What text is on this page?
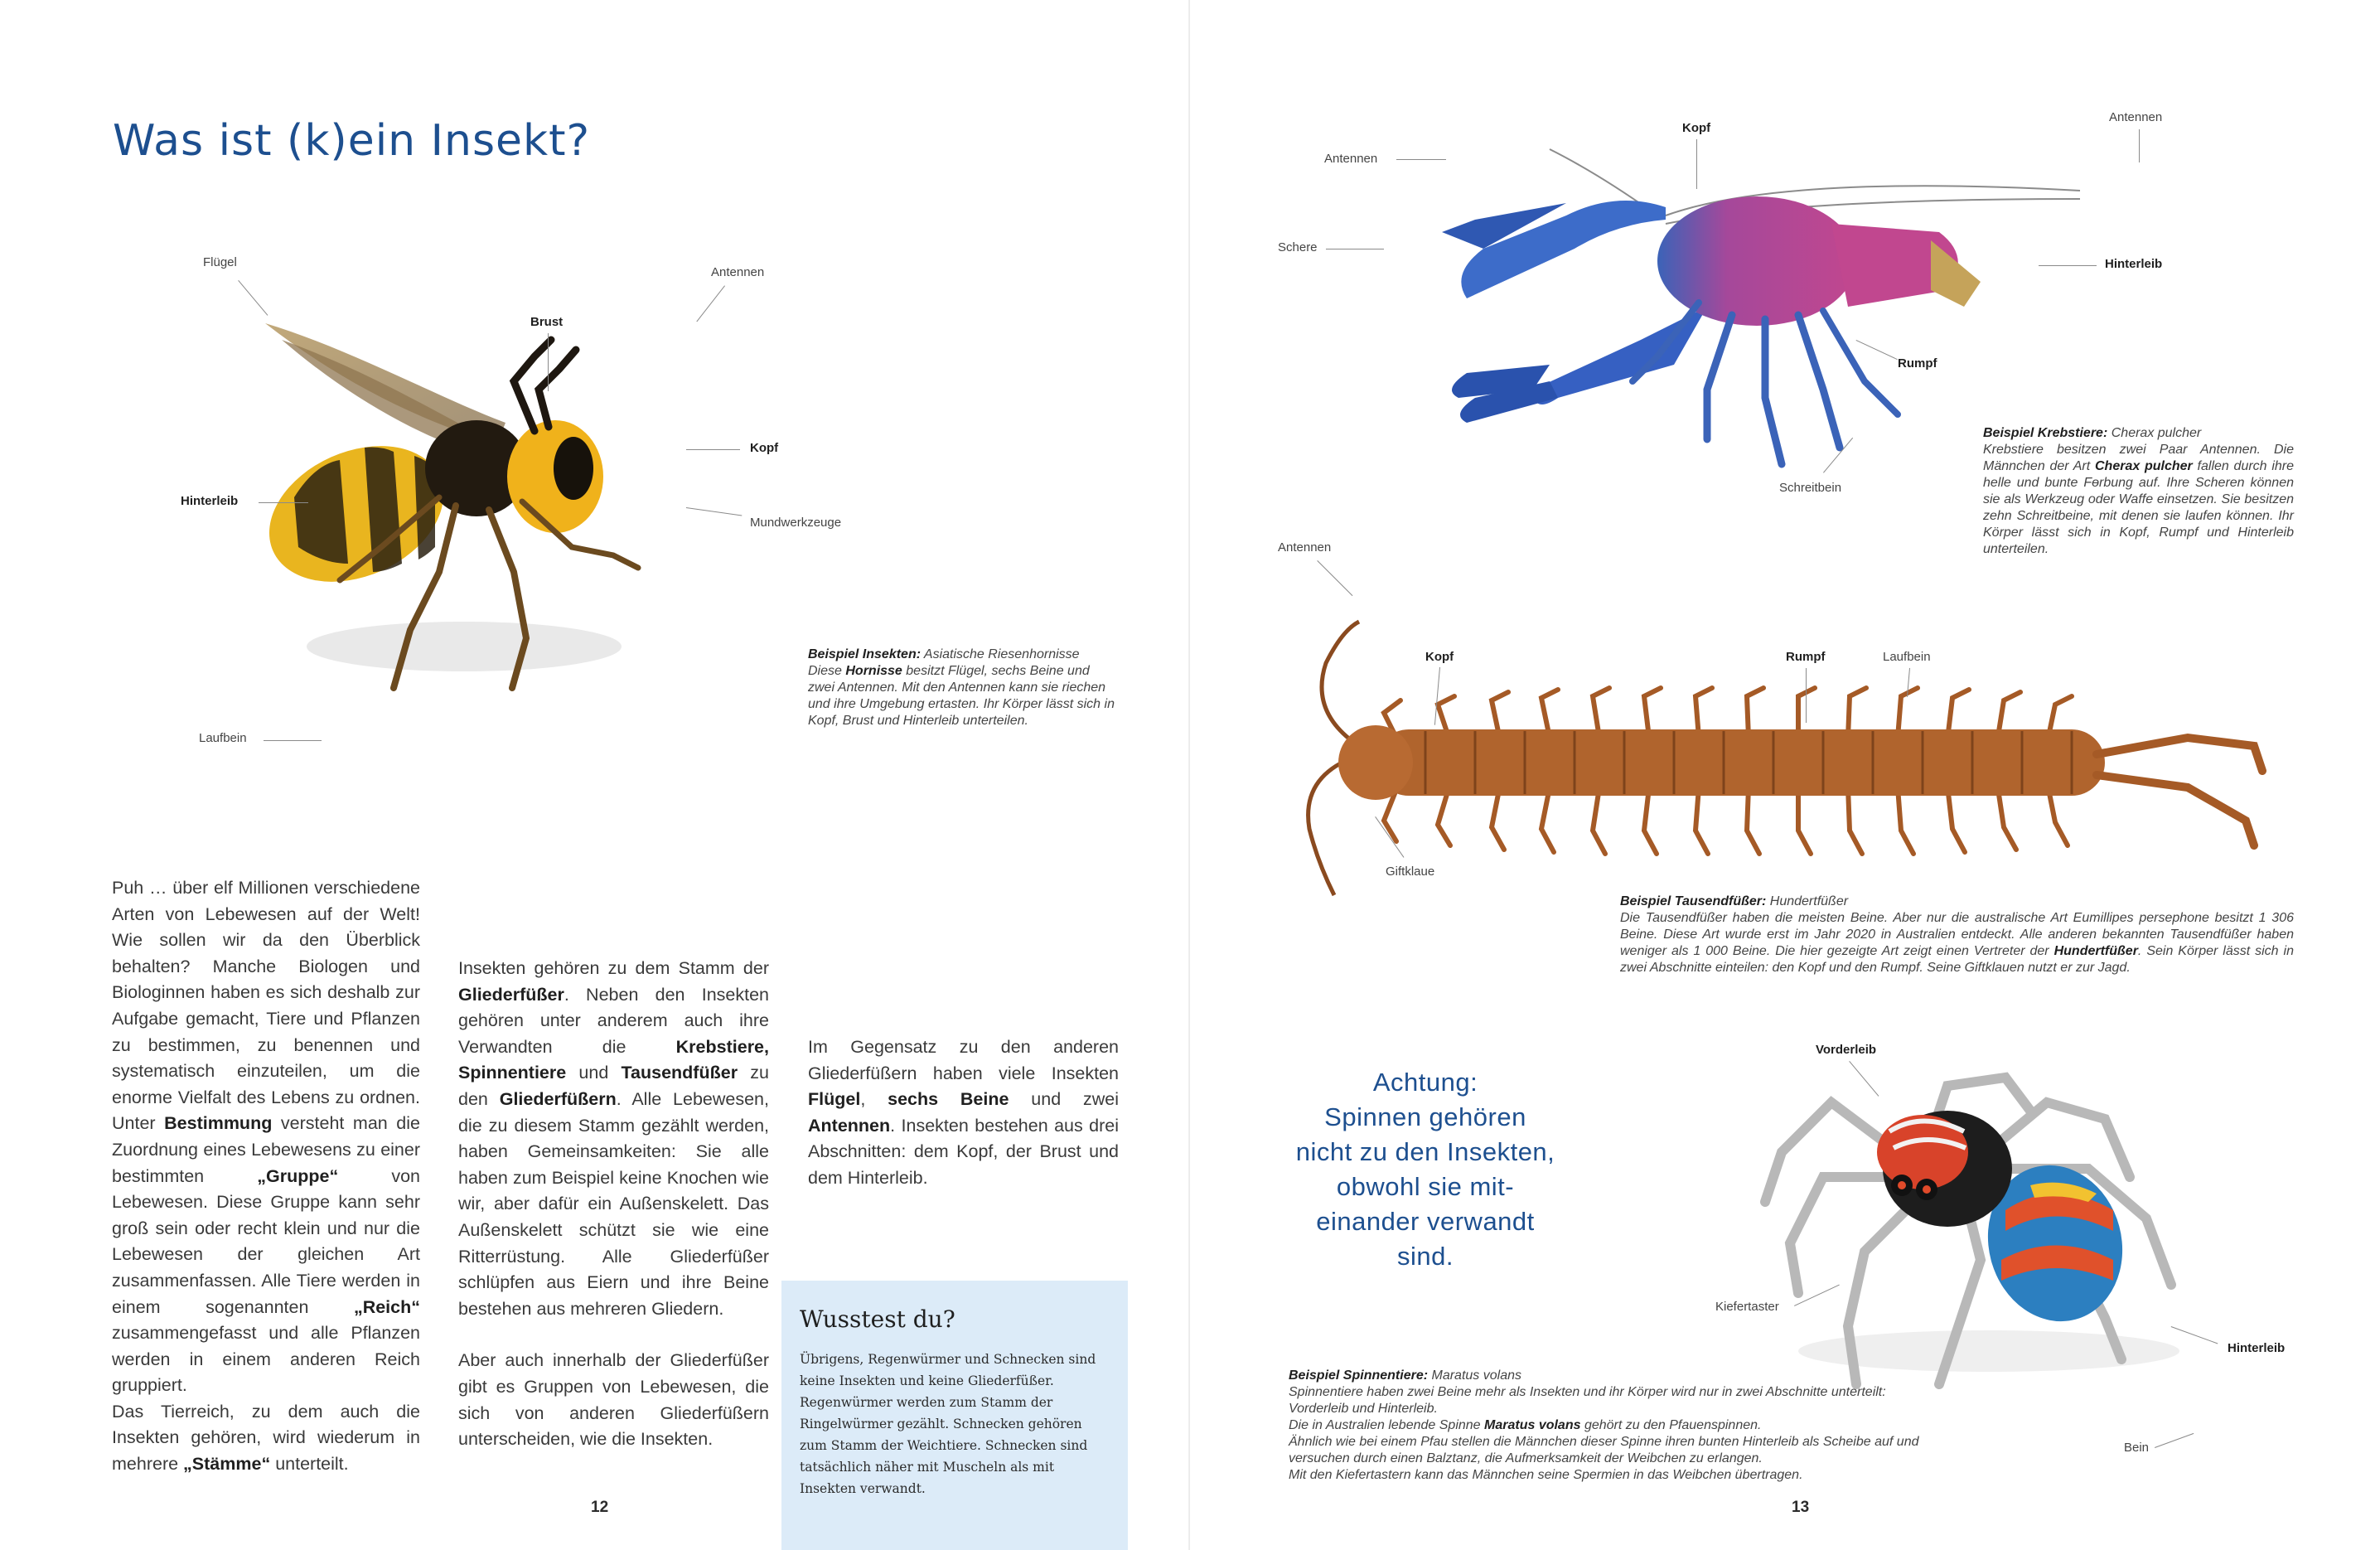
Was ist (k)ein Insekt?
Flügel
Antennen
Brust
Kopf
Hinterleib
Mundwerkzeuge
Laufbein
Beispiel Insekten: Asiatische Riesenhornisse
Diese Hornisse besitzt Flügel, sechs Beine und zwei Antennen. Mit den Antennen kann sie riechen und ihre Umgebung ertasten. Ihr Körper lässt sich in Kopf, Brust und Hinterleib unterteilen.
Puh … über elf Millionen verschiedene Arten von Lebewesen auf der Welt! Wie sollen wir da den Überblick behalten? Manche Biologen und Biologinnen haben es sich deshalb zur Aufgabe gemacht, Tiere und Pflanzen zu bestimmen, zu benennen und systematisch einzuteilen, um die enorme Vielfalt des Lebens zu ordnen. Unter Bestimmung versteht man die Zuordnung eines Lebewesens zu einer bestimmten	„Gruppe“	von Lebewesen. Diese Gruppe kann sehr groß sein oder recht klein und nur die Lebewesen der gleichen Art zusammenfassen. Alle Tiere werden in einem sogenannten	„Reich“ zusammengefasst und alle Pflanzen werden in einem anderen Reich gruppiert.
Das Tierreich, zu dem auch die Insekten gehören, wird wiederum in mehrere „Stämme“ unterteilt.
Insekten gehören zu dem Stamm der Gliederfüßer. Neben den Insekten gehören unter anderem auch ihre Verwandten die	Krebstiere, Spinnentiere und Tausendfüßer zu den Gliederfüßern. Alle Lebewesen, die zu diesem Stamm gezählt werden, haben Gemeinsamkeiten: Sie alle haben zum Beispiel keine Knochen wie wir, aber dafür ein Außenskelett. Das Außenskelett schützt sie wie eine Ritterrüstung. Alle Gliederfüßer schlüpfen aus Eiern und ihre Beine bestehen aus mehreren Gliedern.
Aber auch innerhalb der Gliederfüßer gibt es Gruppen von Lebewesen, die sich von anderen Gliederfüßern unterscheiden, wie die Insekten.
Im Gegensatz zu den anderen Gliederfüßern haben viele Insekten Flügel, sechs Beine und zwei Antennen. Insekten bestehen aus drei Abschnitten: dem Kopf, der Brust und dem Hinterleib.
Wusstest du?

Übrigens, Regenwürmer und Schnecken sind keine Insekten und keine Gliederfüßer. Regenwürmer werden zum Stamm der Ringelwürmer gezählt. Schnecken gehören zum Stamm der Weichtiere. Schnecken sind tatsächlich näher mit Muscheln als mit Insekten verwandt.

12
Antennen
Kopf
Antennen
Schere
Hinterleib
Rumpf
Schreitbein
Beispiel Krebstiere: Cherax pulcher
Krebstiere besitzen zwei Paar Antennen. Die Männchen der Art Cherax pulcher fallen durch ihre helle und bunte Fөrbung auf. Ihre Scheren können sie als Werkzeug oder Waffe einsetzen. Sie besitzen zehn Schreitbeine, mit denen sie laufen können. Ihr Körper lässt sich in Kopf, Rumpf und Hinterleib unterteilen.
Antennen
Kopf	Rumpf	Laufbein
Giftklaue
Beispiel Tausendfüßer: Hundertfüßer
Die Tausendfüßer haben die meisten Beine. Aber nur die australische Art Eumillipes persephone besitzt 1 306 Beine. Diese Art wurde erst im Jahr 2020 in Australien entdeckt. Alle anderen bekannten Tausendfüßer haben weniger als 1 000 Beine. Die hier gezeigte Art zeigt einen Vertreter der Hundertfüßer. Sein Körper lässt sich in zwei Abschnitte einteilen: den Kopf und den Rumpf. Seine Giftklauen nutzt er zur Jagd.
Achtung:
Spinnen gehören
nicht zu den Insekten,
obwohl sie mit-
einander verwandt
sind.
Vorderleib
Kiefertaster
Hinterleib
Bein
Beispiel Spinnentiere: Maratus volans
Spinnentiere haben zwei Beine mehr als Insekten und ihr Körper wird nur in zwei Abschnitte unterteilt: Vorderleib und Hinterleib.
Die in Australien lebende Spinne Maratus volans gehört zu den Pfauenspinnen.
Ähnlich wie bei einem Pfau stellen die Männchen dieser Spinne ihren bunten Hinterleib als Scheibe auf und versuchen durch einen Balztanz, die Aufmerksamkeit der Weibchen zu erlangen.
Mit den Kiefertastern kann das Männchen seine Spermien in das Weibchen übertragen.
13
